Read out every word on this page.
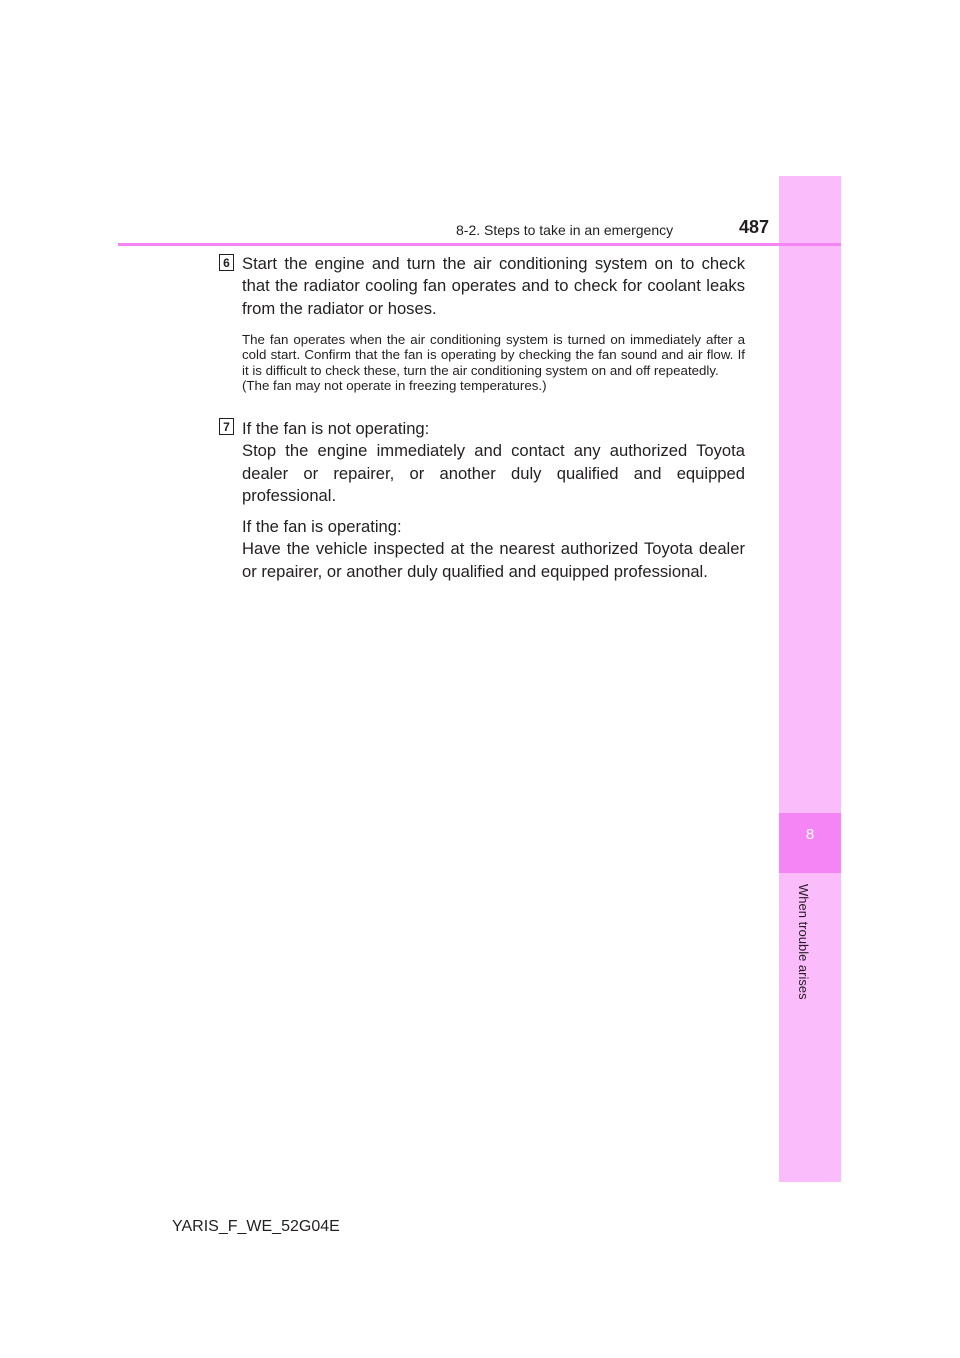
8
When trouble arises
8-2. Steps to take in an emergency	487
6 Start the engine and turn the air conditioning system on to check that the radiator cooling fan operates and to check for coolant leaks from the radiator or hoses.

The fan operates when the air conditioning system is turned on immediately after a cold start. Confirm that the fan is operating by checking the fan sound and air flow. If it is difficult to check these, turn the air conditioning system on and off repeatedly.
(The fan may not operate in freezing temperatures.)

7 If the fan is not operating:
Stop the engine immediately and contact any authorized Toyota dealer or repairer, or another duly qualified and equipped professional.

If the fan is operating:
Have the vehicle inspected at the nearest authorized Toyota dealer or repairer, or another duly qualified and equipped professional.

YARIS_F_WE_52G04E
